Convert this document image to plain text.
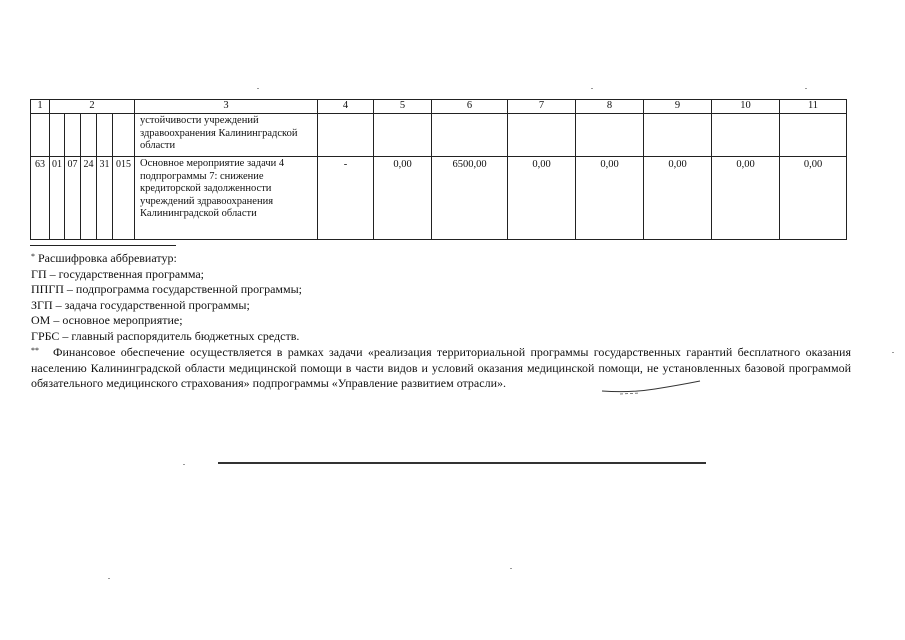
1	2					3	4	5	6	7	8	9	10	11
						устойчивости учреждений здравоохранения Калининградской области								
63	01	07	24	31	015	Основное мероприятие задачи 4 подпрограммы 7: снижение кредиторской задолженности учреждений здравоохранения Калининградской области	-	0,00	6500,00	0,00	0,00	0,00	0,00	0,00

* Расшифровка аббревиатур:

ГП – государственная программа;

ППГП – подпрограмма государственной программы;

ЗГП – задача государственной программы;

ОМ – основное мероприятие;

ГРБС – главный распорядитель бюджетных средств.

** Финансовое обеспечение осуществляется в рамках задачи «реализация территориальной программы государственных гарантий бесплатного оказания населению Калининградской области медицинской помощи в части видов и условий оказания медицинской помощи, не установленных базовой программой обязательного медицинского страхования» подпрограммы «Управление развитием отрасли».
